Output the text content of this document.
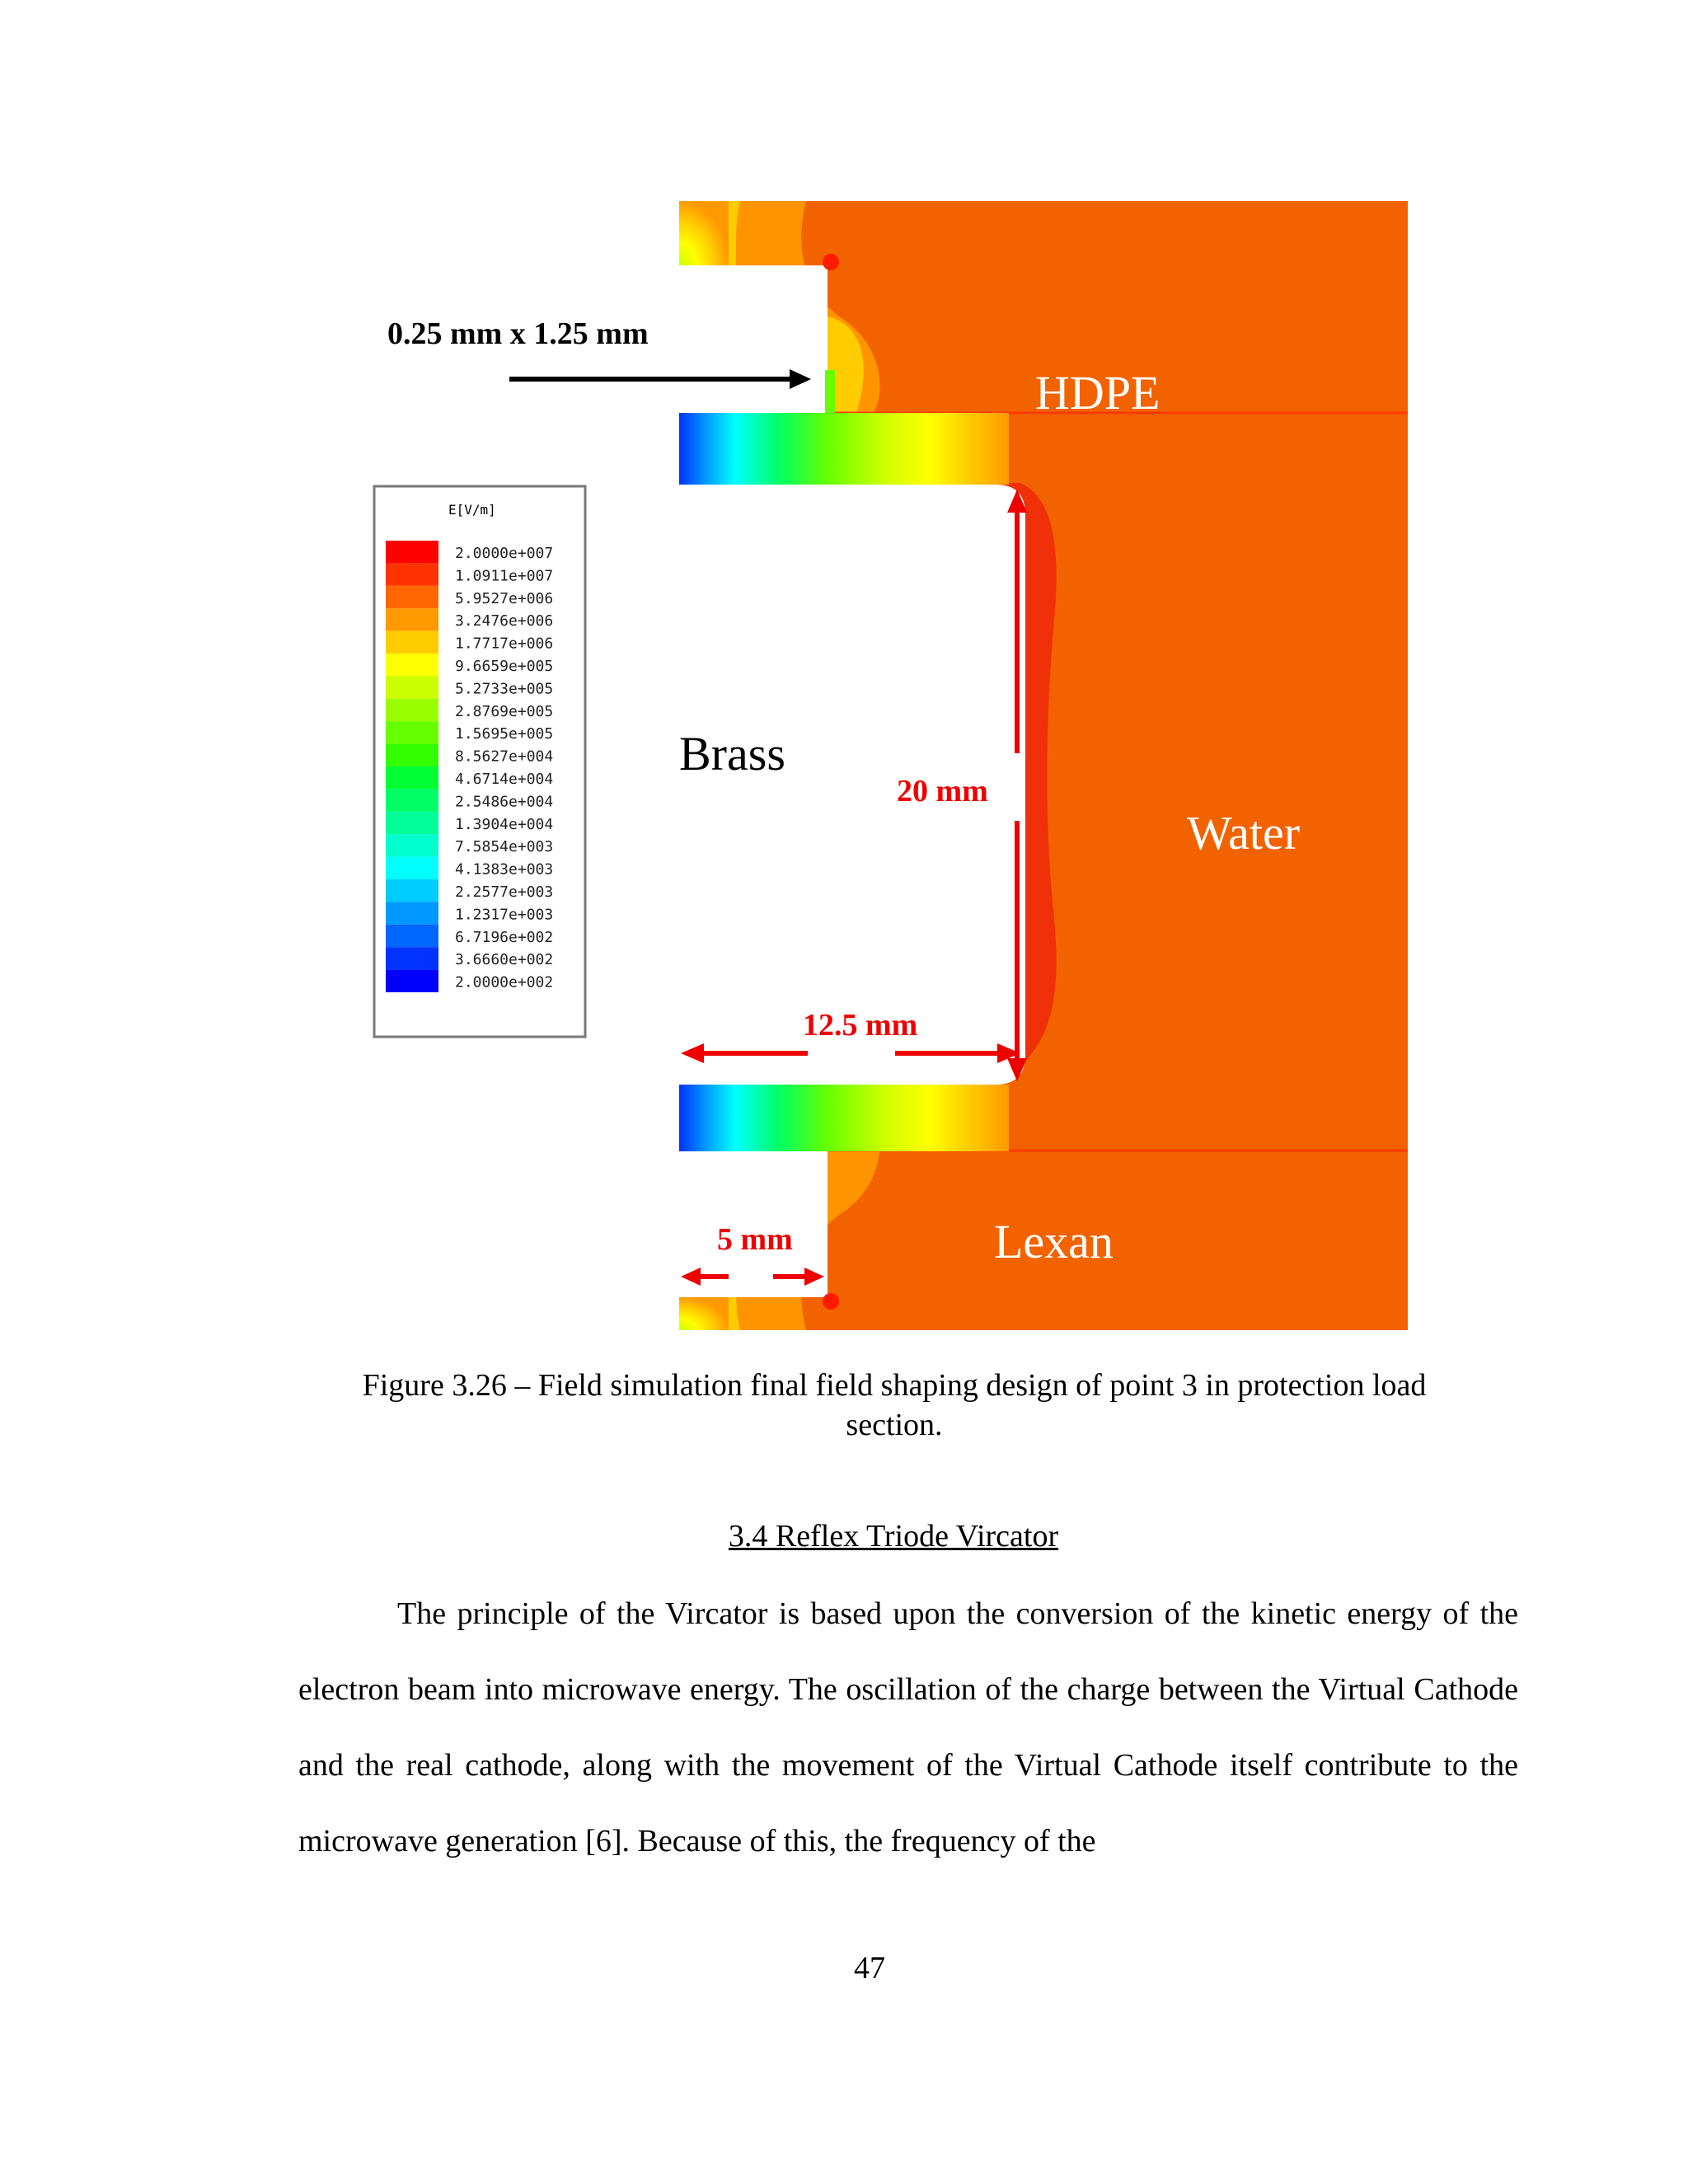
E[V/m]
2.0000e+007
1.0911e+007
5.9527e+006
3.2476e+006
1.7717e+006
9.6659e+005
5.2733e+005
2.8769e+005
1.5695e+005
8.5627e+004
4.6714e+004
2.5486e+004
1.3904e+004
7.5854e+003
4.1383e+003
2.2577e+003
1.2317e+003
6.7196e+002
3.6660e+002
2.0000e+002
HDPE
Brass
Water
Lexan
0.25 mm x 1.25 mm
20 mm
12.5 mm
5 mm
Figure 3.26 – Field simulation final field shaping design of point 3 in protection load
section.
3.4 Reflex Triode Vircator

The principle of the Vircator is based upon the conversion of the kinetic energy of the electron beam into microwave energy. The oscillation of the charge between the Virtual Cathode and the real cathode, along with the movement of the Virtual Cathode itself contribute to the microwave generation [6]. Because of this, the frequency of the

47
